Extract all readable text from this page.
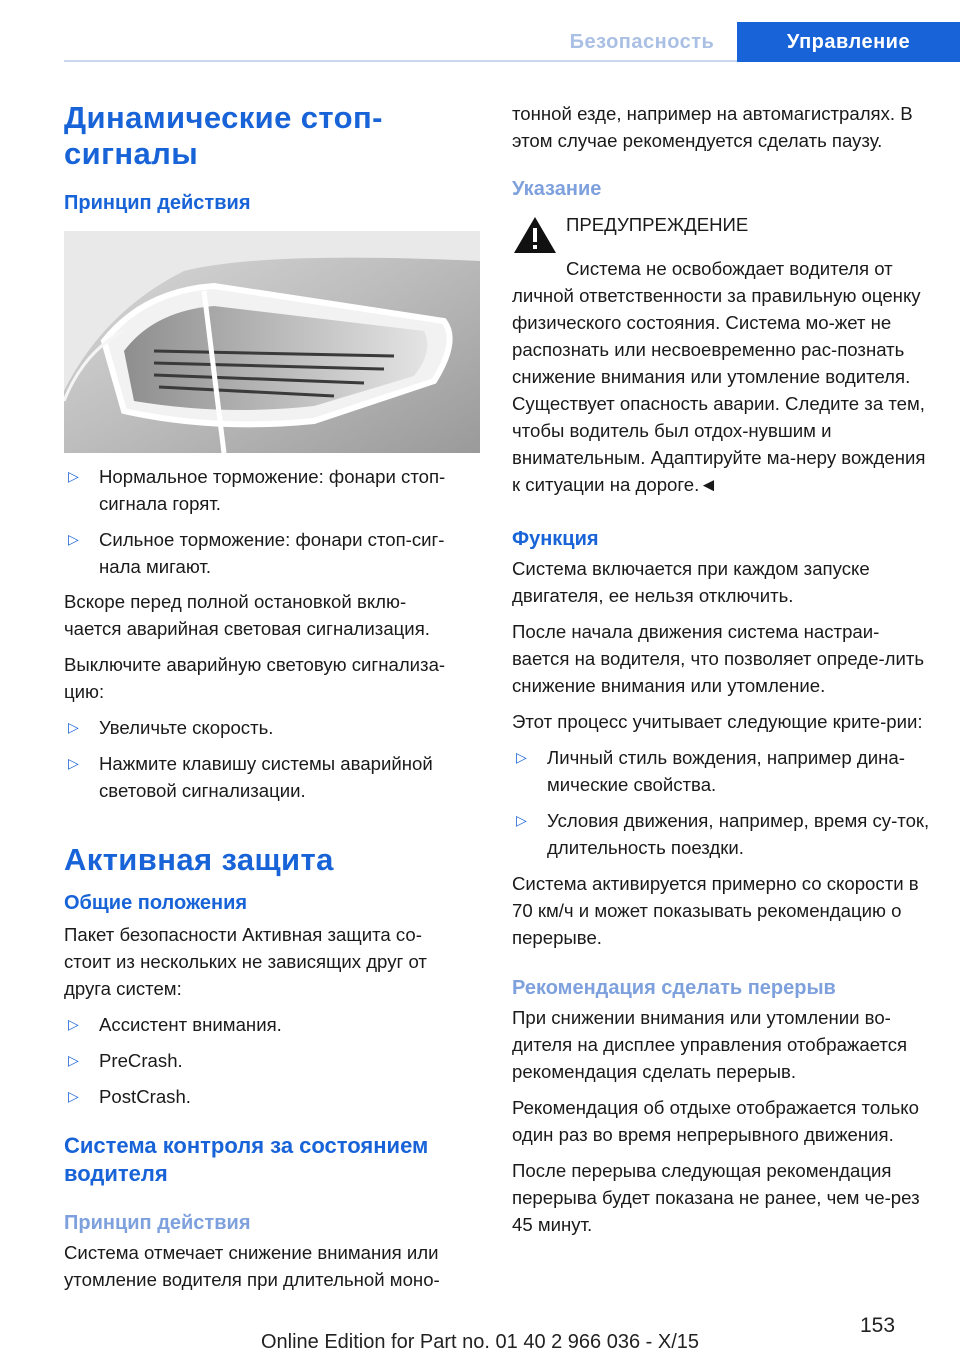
Безопасность	Управление
Динамические стоп-сигналы
Принцип действия
▷ Нормальное торможение: фонари стоп-сигнала горят.
▷ Сильное торможение: фонари стоп-сиг-нала мигают.

Вскоре перед полной остановкой вклю-чается аварийная световая сигнализация.

Выключите аварийную световую сигнализа-цию:

▷ Увеличьте скорость.
▷ Нажмите клавишу системы аварийной световой сигнализации.
Активная защита
Общие положения

Пакет безопасности Активная защита со-стоит из нескольких не зависящих друг от друга систем:

▷ Ассистент внимания.
▷ PreCrash.
▷ PostCrash.
Система контроля за состоянием водителя
Принцип действия

Система отмечает снижение внимания или утомление водителя при длительной моно-

тонной езде, например на автомагистралях. В этом случае рекомендуется сделать паузу.

Указание

ПРЕДУПРЕЖДЕНИЕ

Система не освобождает водителя от личной ответственности за правильную оценку физического состояния. Система мо-жет не распознать или несвоевременно рас-познать снижение внимания или утомление водителя. Существует опасность аварии. Следите за тем, чтобы водитель был отдох-нувшим и внимательным. Адаптируйте ма-неру вождения к ситуации на дороге.◄

Функция

Система включается при каждом запуске двигателя, ее нельзя отключить.

После начала движения система настраи-вается на водителя, что позволяет опреде-лить снижение внимания или утомление.

Этот процесс учитывает следующие крите-рии:

▷ Личный стиль вождения, например дина-мические свойства.
▷ Условия движения, например, время су-ток, длительность поездки.

Система активируется примерно со скорости в 70 км/ч и может показывать рекомендацию о перерыве.

Рекомендация сделать перерыв

При снижении внимания или утомлении во-дителя на дисплее управления отображается рекомендация сделать перерыв.

Рекомендация об отдыхе отображается только один раз во время непрерывного движения.

После перерыва следующая рекомендация перерыва будет показана не ранее, чем че-рез 45 минут.

153
Online Edition for Part no. 01 40 2 966 036 - X/15
